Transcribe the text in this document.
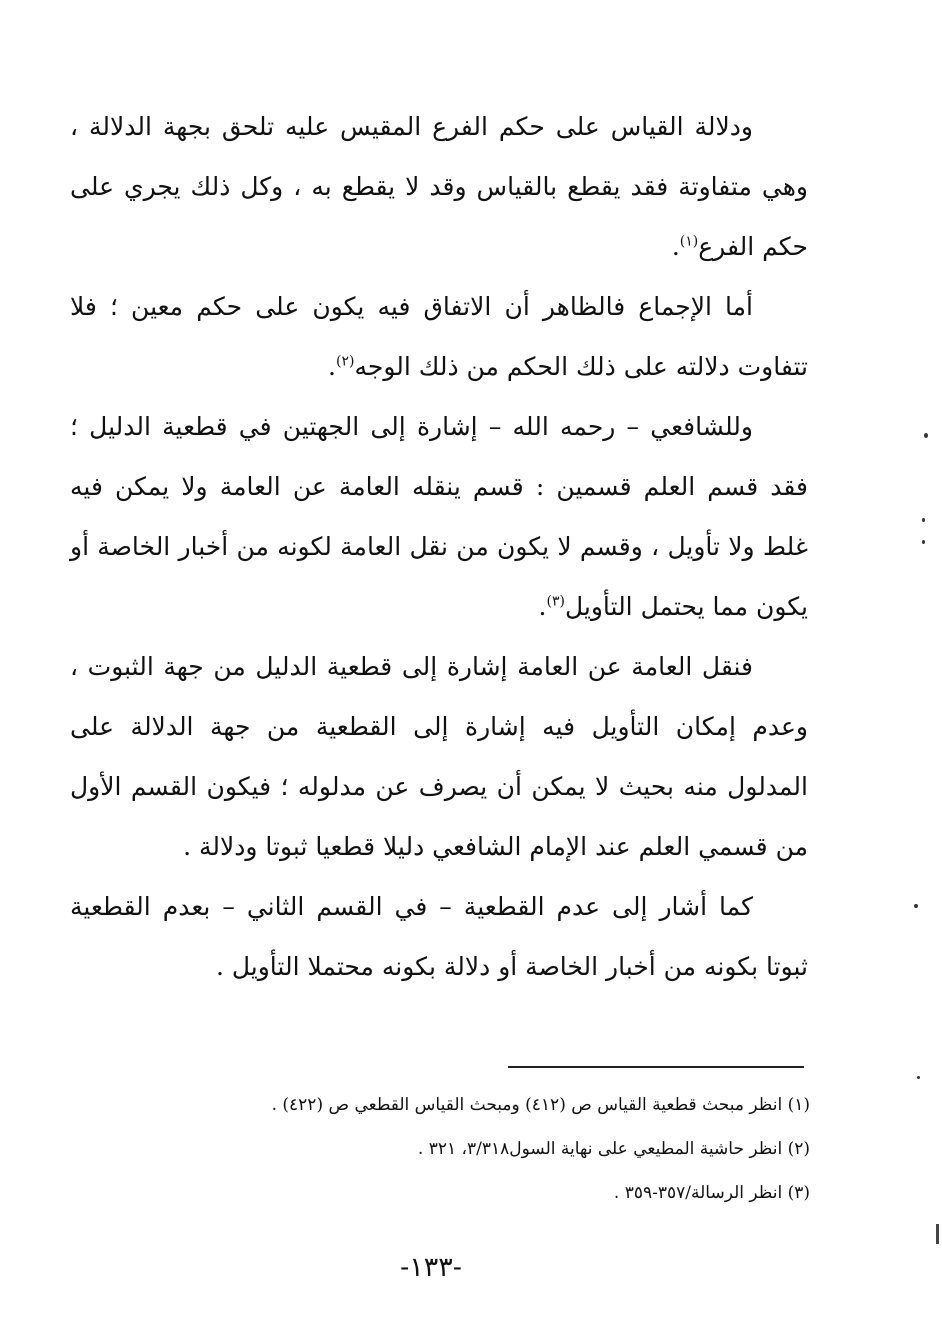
ودلالة القياس على حكم الفرع المقيس عليه تلحق بجهة الدلالة ، وهي متفاوتة فقد يقطع بالقياس وقد لا يقطع به ، وكل ذلك يجري على حكم الفرع$^{(١)}$.

أما الإجماع فالظاهر أن الاتفاق فيه يكون على حكم معين ؛ فلا تتفاوت دلالته على ذلك الحكم من ذلك الوجه$^{(٢)}$.

وللشافعي – رحمه الله – إشارة إلى الجهتين في قطعية الدليل ؛ فقد قسم العلم قسمين : قسم ينقله العامة عن العامة ولا يمكن فيه غلط ولا تأويل ، وقسم لا يكون من نقل العامة لكونه من أخبار الخاصة أو يكون مما يحتمل التأويل$^{(٣)}$.

فنقل العامة عن العامة إشارة إلى قطعية الدليل من جهة الثبوت ، وعدم إمكان التأويل فيه إشارة إلى القطعية من جهة الدلالة على المدلول منه بحيث لا يمكن أن يصرف عن مدلوله ؛ فيكون القسم الأول من قسمي العلم عند الإمام الشافعي دليلا قطعيا ثبوتا ودلالة .

كما أشار إلى عدم القطعية – في القسم الثاني – بعدم القطعية ثبوتا بكونه من أخبار الخاصة أو دلالة بكونه محتملا التأويل .

(١) انظر مبحث قطعية القياس ص (٤١٢) ومبحث القياس القطعي ص (٤٢٢) .

(٢) انظر حاشية المطيعي على نهاية السول٣/٣١٨، ٣٢١ .

(٣) انظر الرسالة/٣٥٧-٣٥٩ .

-١٣٣-
